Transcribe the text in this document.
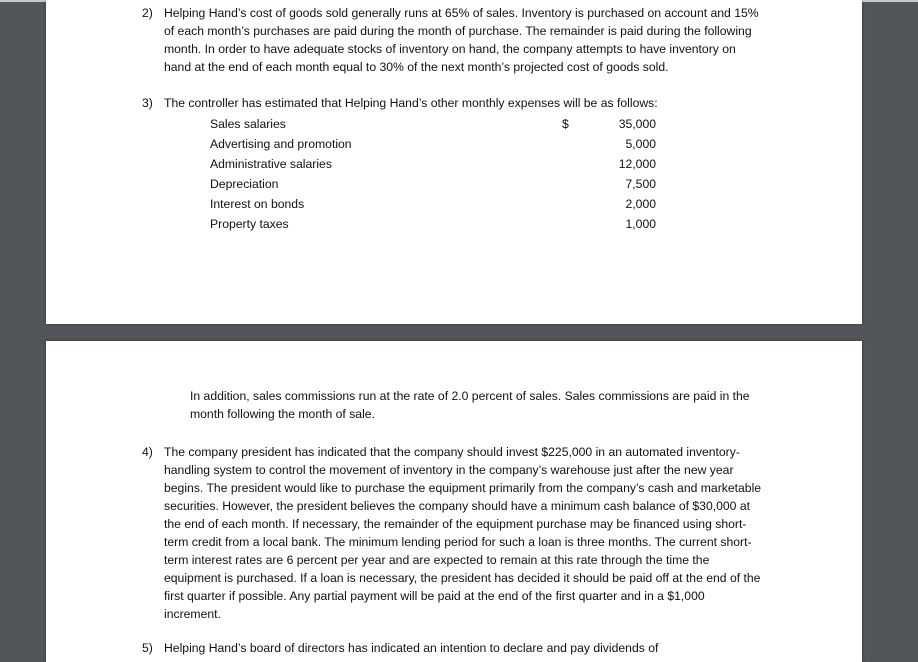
2) Helping Hand’s cost of goods sold generally runs at 65% of sales. Inventory is purchased on account and 15% of each month’s purchases are paid during the month of purchase. The remainder is paid during the following month. In order to have adequate stocks of inventory on hand, the company attempts to have inventory on hand at the end of each month equal to 30% of the next month’s projected cost of goods sold.

3) The controller has estimated that Helping Hand’s other monthly expenses will be as follows:

Sales salaries	$	35,000
Advertising and promotion		5,000
Administrative salaries		12,000
Depreciation		7,500
Interest on bonds		2,000
Property taxes		1,000

In addition, sales commissions run at the rate of 2.0 percent of sales. Sales commissions are paid in the month following the month of sale.

4) The company president has indicated that the company should invest $225,000 in an automated inventory-handling system to control the movement of inventory in the company’s warehouse just after the new year begins. The president would like to purchase the equipment primarily from the company’s cash and marketable securities. However, the president believes the company should have a minimum cash balance of $30,000 at the end of each month. If necessary, the remainder of the equipment purchase may be financed using short-term credit from a local bank. The minimum lending period for such a loan is three months. The current short-term interest rates are 6 percent per year and are expected to remain at this rate through the time the equipment is purchased. If a loan is necessary, the president has decided it should be paid off at the end of the first quarter if possible. Any partial payment will be paid at the end of the first quarter and in a $1,000 increment.

5) Helping Hand’s board of directors has indicated an intention to declare and pay dividends of
